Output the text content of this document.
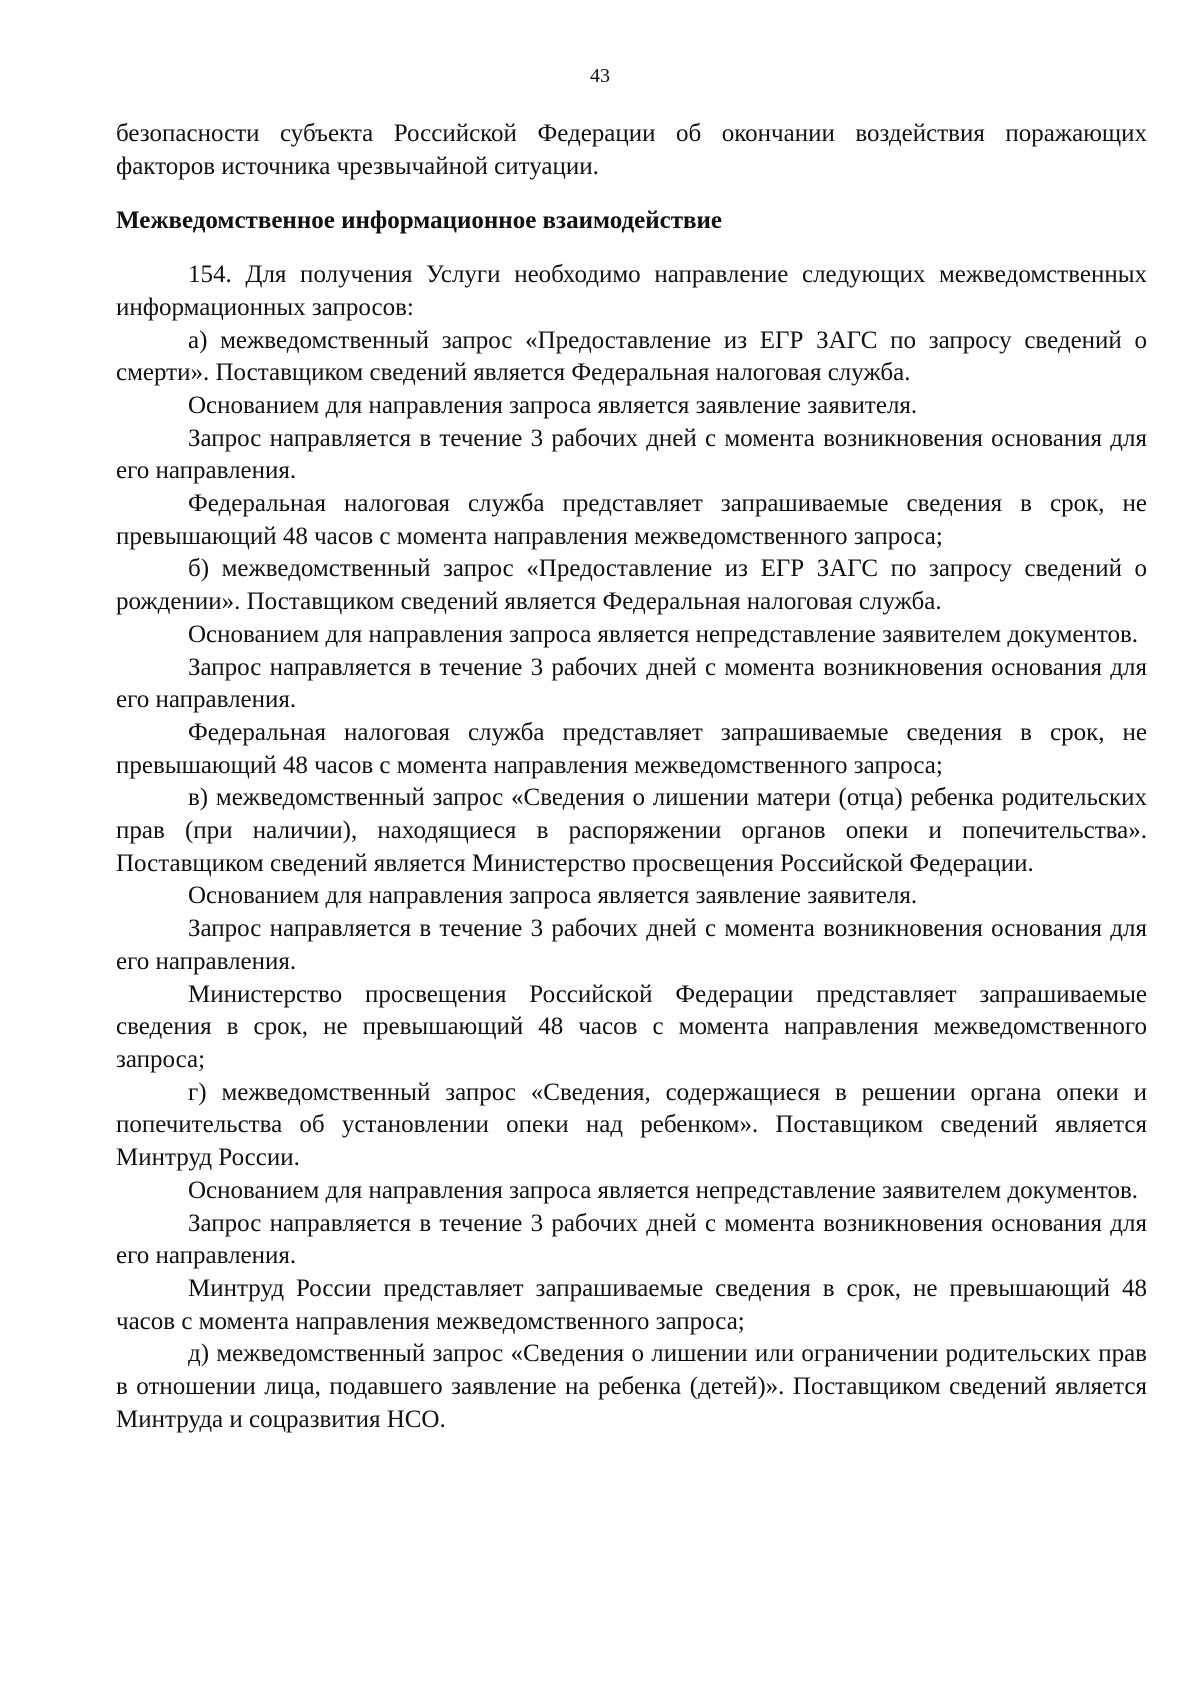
43

безопасности субъекта Российской Федерации об окончании воздействия поражающих факторов источника чрезвычайной ситуации.

Межведомственное информационное взаимодействие

154. Для получения Услуги необходимо направление следующих межведомственных информационных запросов:

а) межведомственный запрос «Предоставление из ЕГР ЗАГС по запросу сведений о смерти». Поставщиком сведений является Федеральная налоговая служба.

Основанием для направления запроса является заявление заявителя.

Запрос направляется в течение 3 рабочих дней с момента возникновения основания для его направления.

Федеральная налоговая служба представляет запрашиваемые сведения в срок, не превышающий 48 часов с момента направления межведомственного запроса;

б) межведомственный запрос «Предоставление из ЕГР ЗАГС по запросу сведений о рождении». Поставщиком сведений является Федеральная налоговая служба.

Основанием для направления запроса является непредставление заявителем документов.

Запрос направляется в течение 3 рабочих дней с момента возникновения основания для его направления.

Федеральная налоговая служба представляет запрашиваемые сведения в срок, не превышающий 48 часов с момента направления межведомственного запроса;

в) межведомственный запрос «Сведения о лишении матери (отца) ребенка родительских прав (при наличии), находящиеся в распоряжении органов опеки и попечительства». Поставщиком сведений является Министерство просвещения Российской Федерации.

Основанием для направления запроса является заявление заявителя.

Запрос направляется в течение 3 рабочих дней с момента возникновения основания для его направления.

Министерство просвещения Российской Федерации представляет запрашиваемые сведения в срок, не превышающий 48 часов с момента направления межведомственного запроса;

г) межведомственный запрос «Сведения, содержащиеся в решении органа опеки и попечительства об установлении опеки над ребенком». Поставщиком сведений является Минтруд России.

Основанием для направления запроса является непредставление заявителем документов.

Запрос направляется в течение 3 рабочих дней с момента возникновения основания для его направления.

Минтруд России представляет запрашиваемые сведения в срок, не превышающий 48 часов с момента направления межведомственного запроса;

д) межведомственный запрос «Сведения о лишении или ограничении родительских прав в отношении лица, подавшего заявление на ребенка (детей)». Поставщиком сведений является Минтруда и соцразвития НСО.
